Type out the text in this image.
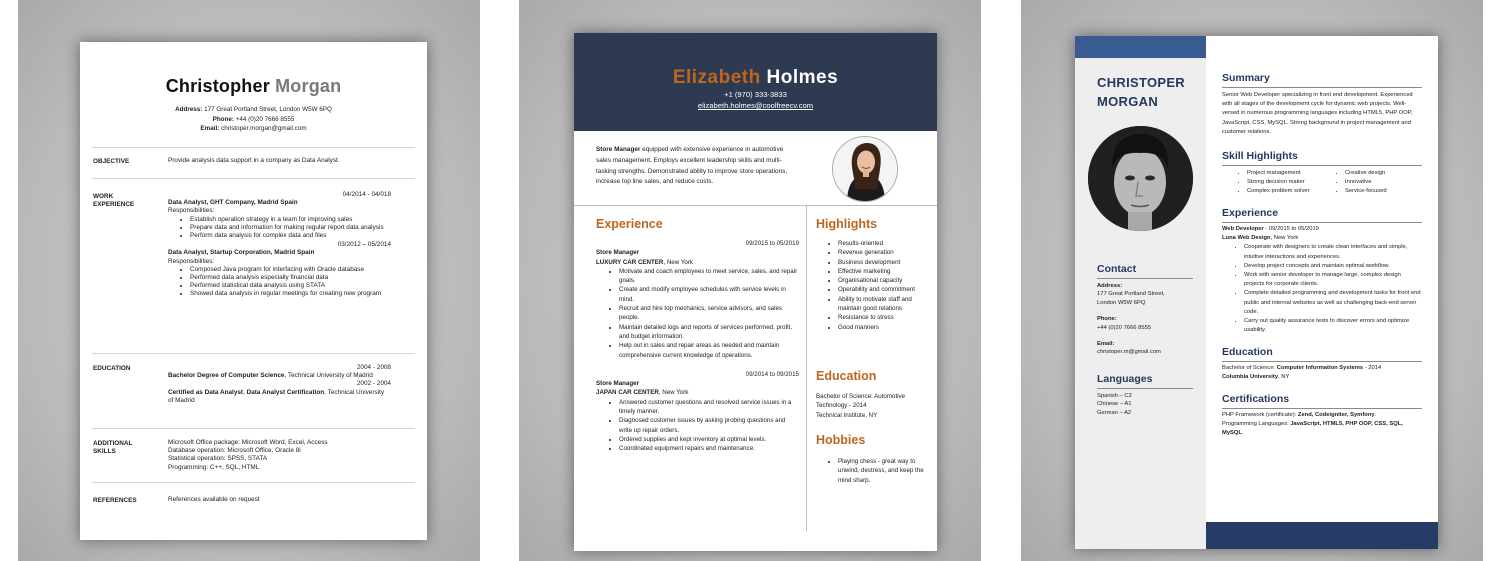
Christopher Morgan
Address: 177 Great Portland Street, London W5W 6PQ
Phone: +44 (0)20 7666 8555
Email: christoper.morgan@gmail.com
OBJECTIVE	Provide analysis data support in a company as Data Analyst.
WORK
EXPERIENCE
04/2014 - 04/018
Data Analyst, GHT Company, Madrid Spain
Responsibilities:
• Establish operation strategy in a team for improving sales
• Prepare data and information for making regular report data analysis
• Perform data analysis for complex data and files
03/2012 – 05/2014
Data Analyst, Startup Corporation, Madrid Spain
Responsibilities:
• Composed Java program for interfacing with Oracle database
• Performed data analysis especially financial data
• Performed statistical data analysis using STATA
• Showed data analysis in regular meetings for creating new program
EDUCATION	2004 - 2008
Bachelor Degree of Computer Science, Technical University of Madrid
2002 - 2004
Certified as Data Analyst, Data Analyst Certification, Technical University of Madrid
ADDITIONAL
SKILLS
Microsoft Office package: Microsoft Word, Excel, Access
Database operation: Microsoft Office, Oracle 8i
Statistical operation: SPSS, STATA
Programming: C++, SQL, HTML
REFERENCES	References available on request
Elizabeth Holmes
+1 (970) 333-3833
elizabeth.holmes@coolfreecv.com
Store Manager equipped with extensive experience in automotive sales management. Employs excellent leadership skills and multi-tasking strengths. Demonstrated ability to improve store operations, increase top line sales, and reduce costs.
Experience
09/2015 to 05/2019
Store Manager
LUXURY CAR CENTER, New York
• Motivate and coach employees to meet service, sales, and repair goals.
• Create and modify employee schedules with service levels in mind.
• Recruit and hire top mechanics, service advisors, and sales people.
• Maintain detailed logs and reports of services performed, profit, and budget information.
• Help out in sales and repair areas as needed and maintain comprehensive current knowledge of operations.
09/2014 to 09/2015
Store Manager
JAPAN CAR CENTER, New York
• Answered customer questions and resolved service issues in a timely manner.
• Diagnosed customer issues by asking probing questions and write up repair orders.
• Ordered supplies and kept inventory at optimal levels.
• Coordinated equipment repairs and maintenance.
Highlights
• Results-oriented
• Revenue generation
• Business development
• Effective marketing
• Organisational capacity
• Operability and commitment
• Ability to motivate staff and maintain good relations
• Resistance to stress
• Good manners
Education
Bachelor of Science: Automotive Technology - 2014
Technical Institute, NY
Hobbies
• Playing chess - great way to unwind, destress, and keep the mind sharp.
CHRISTOPER
MORGAN
Contact
Address:
177 Great Portland Street,
London W5W 6PQ
Phone:
+44 (0)20 7666 8555
Email:
christoper.m@gmail.com
Languages
Spanish – C2
Chinese – A1
German – A2
Summary
Senior Web Developer specializing in front end development. Experienced with all stages of the development cycle for dynamic web projects. Well-versed in numerous programming languages including HTML5, PHP OOP, JavaScript, CSS, MySQL. Strong background in project management and customer relations.
Skill Highlights
• Project management
• Strong decision maker
• Complex problem solver
• Creative design
• Innovative
• Service-focused
Experience
Web Developer - 09/2015 to 05/2019
Luna Web Design, New York
• Cooperate with designers to create clean interfaces and simple, intuitive interactions and experiences.
• Develop project concepts and maintain optimal workflow.
• Work with senior developer to manage large, complex design projects for corporate clients.
• Complete detailed programming and development tasks for front end public and internal websites as well as challenging back-end server code.
• Carry out quality assurance tests to discover errors and optimize usability.
Education
Bachelor of Science: Computer Information Systems - 2014
Columbia University, NY
Certifications
PHP Framework (certificate): Zend, Codeigniter, Symfony.
Programming Languages: JavaScript, HTML5, PHP OOP, CSS, SQL, MySQL.
